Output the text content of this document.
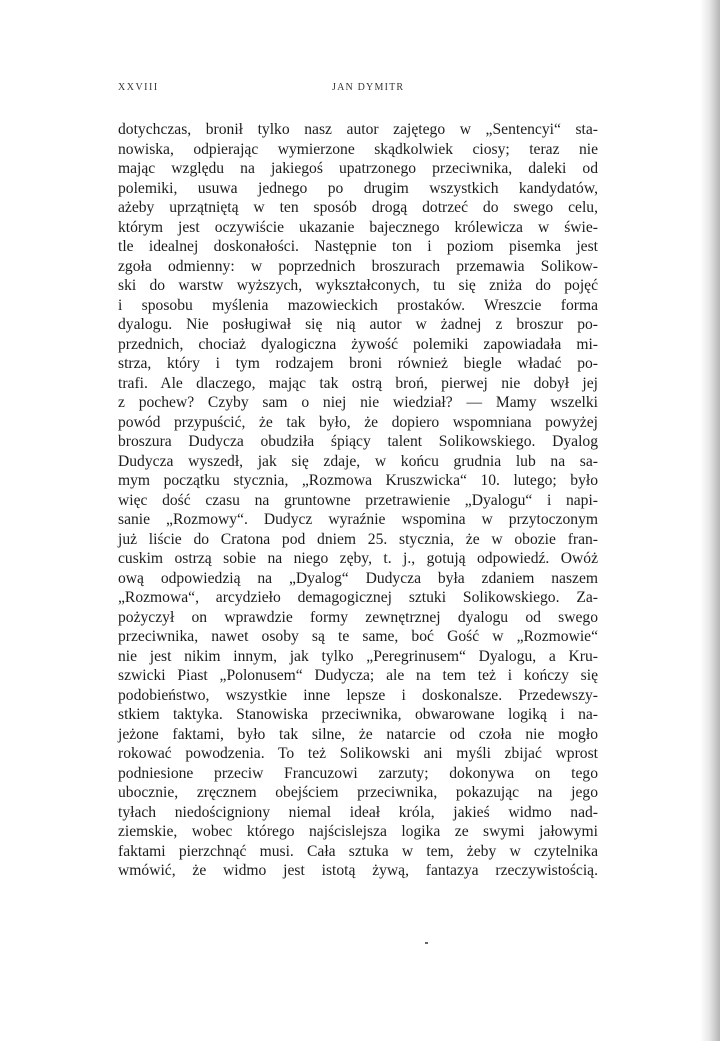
XXVIII	JAN DYMITR
dotychczas, bronił tylko nasz autor zajętego w „Sentencyi“ sta-
nowiska, odpierając wymierzone skądkolwiek ciosy; teraz nie
mając względu na jakiegoś upatrzonego przeciwnika, daleki od
polemiki, usuwa jednego po drugim wszystkich kandydatów,
ażeby uprzątniętą w ten sposób drogą dotrzeć do swego celu,
którym jest oczywiście ukazanie bajecznego królewicza w świe-
tle idealnej doskonałości. Następnie ton i poziom pisemka jest
zgoła odmienny: w poprzednich broszurach przemawia Solikow-
ski do warstw wyższych, wykształconych, tu się zniża do pojęć
i sposobu myślenia mazowieckich prostaków. Wreszcie forma
dyalogu. Nie posługiwał się nią autor w żadnej z broszur po-
przednich, chociaż dyalogiczna żywość polemiki zapowiadała mi-
strza, który i tym rodzajem broni również biegle władać po-
trafi. Ale dlaczego, mając tak ostrą broń, pierwej nie dobył jej
z pochew? Czyby sam o niej nie wiedział? — Mamy wszelki
powód przypuścić, że tak było, że dopiero wspomniana powyżej
broszura Dudycza obudziła śpiący talent Solikowskiego. Dyalog
Dudycza wyszedł, jak się zdaje, w końcu grudnia lub na sa-
mym początku stycznia, „Rozmowa Kruszwicka“ 10. lutego; było
więc dość czasu na gruntowne przetrawienie „Dyalogu“ i napi-
sanie „Rozmowy“. Dudycz wyraźnie wspomina w przytoczonym
już liście do Cratona pod dniem 25. stycznia, że w obozie fran-
cuskim ostrzą sobie na niego zęby, t. j., gotują odpowiedź. Owóż
ową odpowiedzią na „Dyalog“ Dudycza była zdaniem naszem
„Rozmowa“, arcydzieło demagogicznej sztuki Solikowskiego. Za-
pożyczył on wprawdzie formy zewnętrznej dyalogu od swego
przeciwnika, nawet osoby są te same, boć Gość w „Rozmowie“
nie jest nikim innym, jak tylko „Peregrinusem“ Dyalogu, a Kru-
szwicki Piast „Polonusem“ Dudycza; ale na tem też i kończy się
podobieństwo, wszystkie inne lepsze i doskonalsze. Przedewszy-
stkiem taktyka. Stanowiska przeciwnika, obwarowane logiką i na-
jeżone faktami, było tak silne, że natarcie od czoła nie mogło
rokować powodzenia. To też Solikowski ani myśli zbijać wprost
podniesione przeciw Francuzowi zarzuty; dokonywa on tego
ubocznie, zręcznem obejściem przeciwnika, pokazując na jego
tyłach niedościgniony niemal ideał króla, jakieś widmo nad-
ziemskie, wobec którego najścislejsza logika ze swymi jałowymi
faktami pierzchnąć musi. Cała sztuka w tem, żeby w czytelnika
wmówić, że widmo jest istotą żywą, fantazya rzeczywistością.
